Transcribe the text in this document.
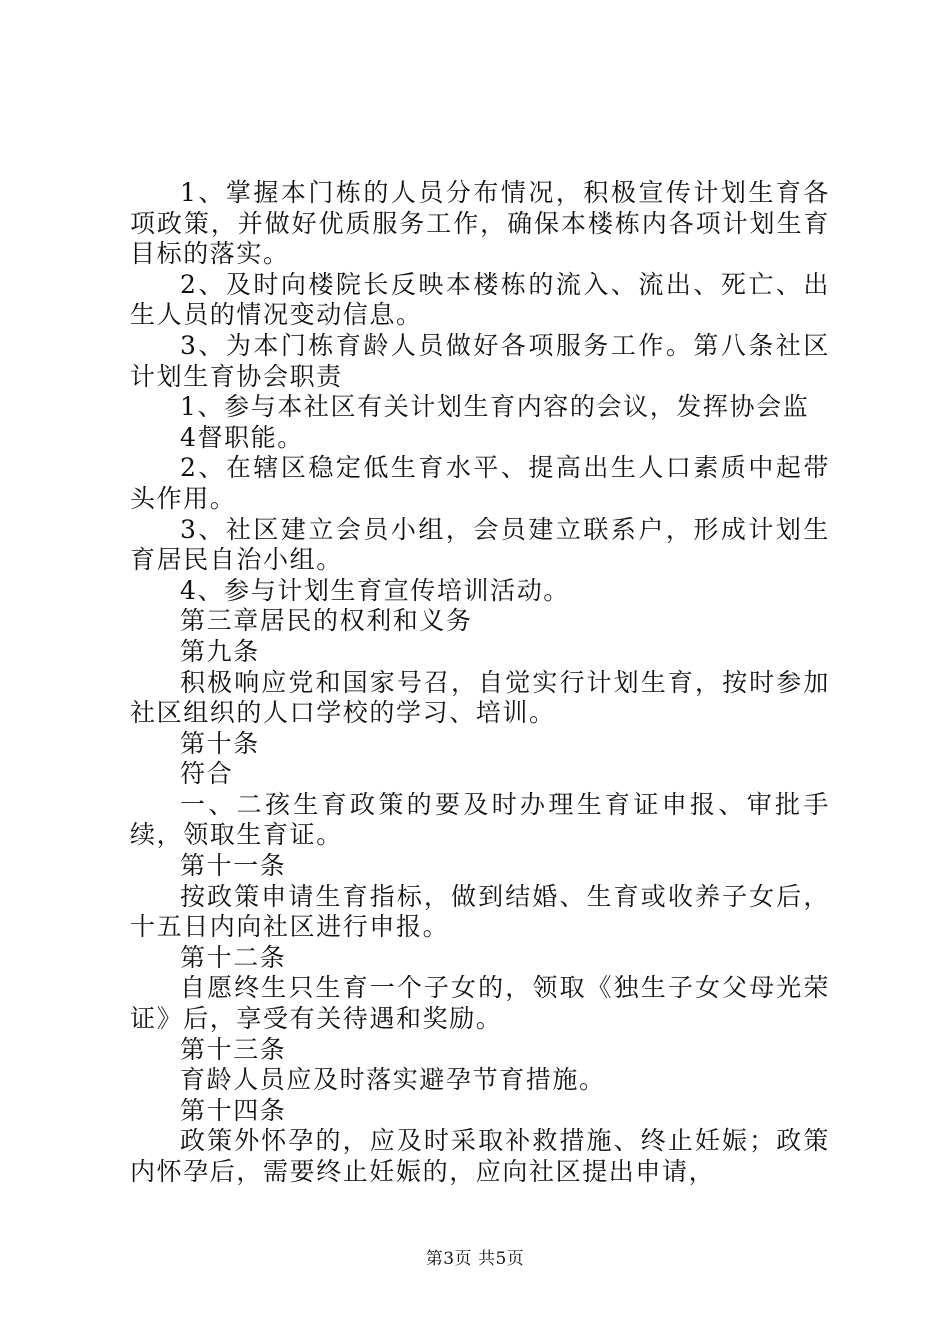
1、掌握本门栋的人员分布情况，积极宣传计划生育各项政策，并做好优质服务工作，确保本楼栋内各项计划生育目标的落实。

2、及时向楼院长反映本楼栋的流入、流出、死亡、出生人员的情况变动信息。

3、为本门栋育龄人员做好各项服务工作。第八条社区计划生育协会职责

1、参与本社区有关计划生育内容的会议，发挥协会监

4督职能。

2、在辖区稳定低生育水平、提高出生人口素质中起带头作用。

3、社区建立会员小组，会员建立联系户，形成计划生育居民自治小组。

4、参与计划生育宣传培训活动。

第三章居民的权利和义务

第九条

积极响应党和国家号召，自觉实行计划生育，按时参加社区组织的人口学校的学习、培训。

第十条

符合

一、二孩生育政策的要及时办理生育证申报、审批手续，领取生育证。

第十一条

按政策申请生育指标，做到结婚、生育或收养子女后，十五日内向社区进行申报。

第十二条

自愿终生只生育一个子女的，领取《独生子女父母光荣证》后，享受有关待遇和奖励。

第十三条

育龄人员应及时落实避孕节育措施。

第十四条

政策外怀孕的，应及时采取补救措施、终止妊娠；政策内怀孕后，需要终止妊娠的，应向社区提出申请，

第3页 共5页
